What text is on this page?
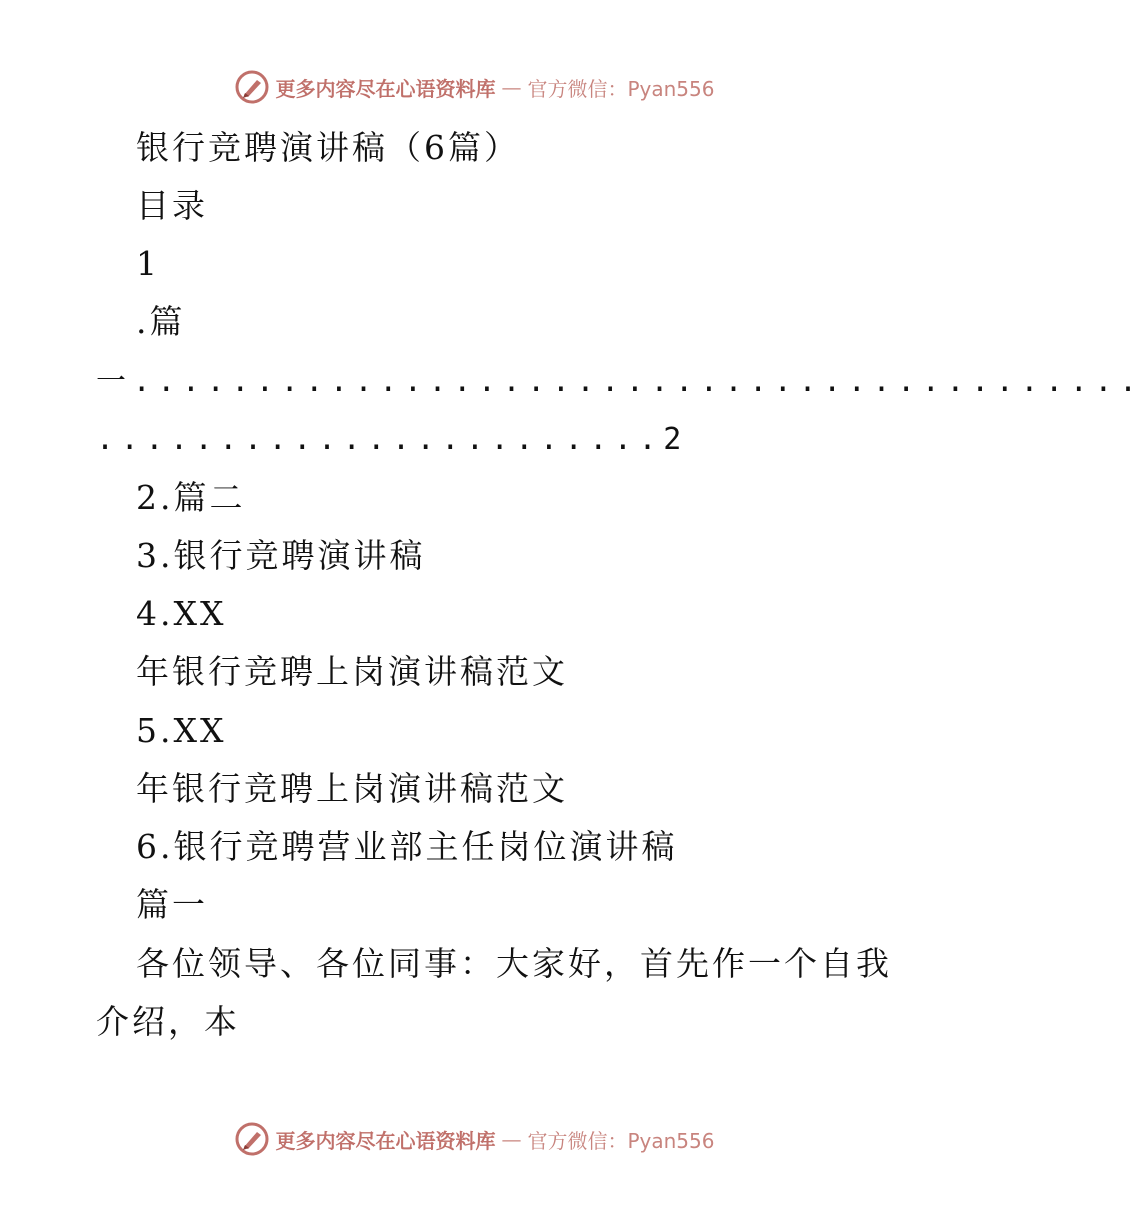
更多内容尽在心语资料库 — 官方微信：Pyan556
银行竞聘演讲稿（6篇）
目录
1
.篇
一.........................................
.......................2
2.篇二
3.银行竞聘演讲稿
4.XX
年银行竞聘上岗演讲稿范文
5.XX
年银行竞聘上岗演讲稿范文
6.银行竞聘营业部主任岗位演讲稿
篇一
各位领导、各位同事：大家好，首先作一个自我
介绍，本
更多内容尽在心语资料库 — 官方微信：Pyan556
